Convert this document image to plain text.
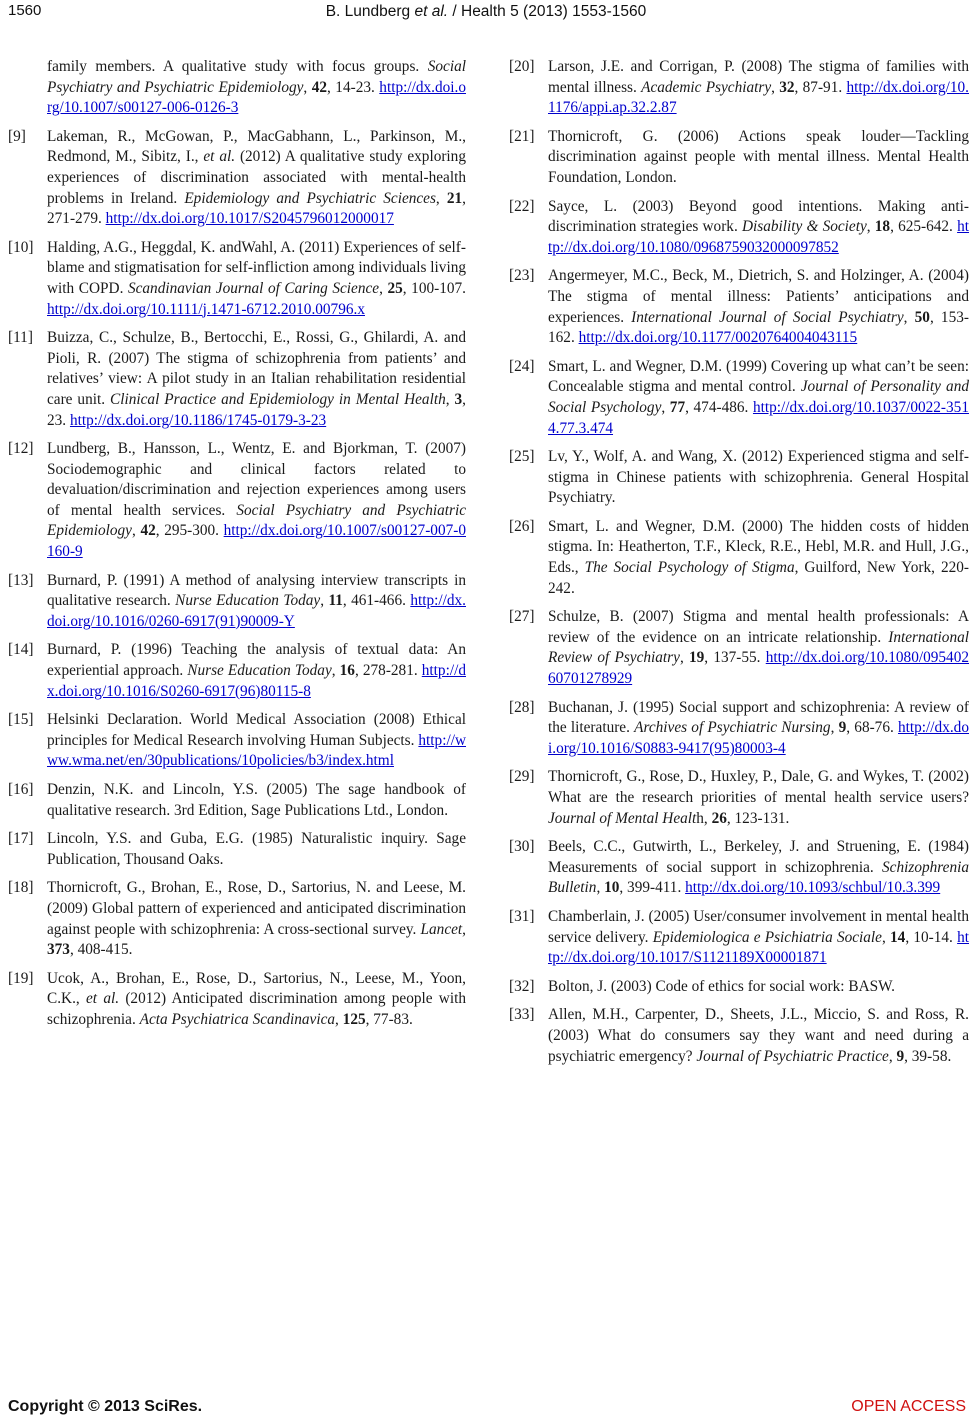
1560	B. Lundberg et al. / Health 5 (2013) 1553-1560
family members. A qualitative study with focus groups. Social Psychiatry and Psychiatric Epidemiology, 42, 14-23. http://dx.doi.org/10.1007/s00127-006-0126-3
[9]	Lakeman, R., McGowan, P., MacGabhann, L., Parkinson, M., Redmond, M., Sibitz, I., et al. (2012) A qualitative study exploring experiences of discrimination associated with mental-health problems in Ireland. Epidemiology and Psychiatric Sciences, 21, 271-279. http://dx.doi.org/10.1017/S2045796012000017
[10] Halding, A.G., Heggdal, K. andWahl, A. (2011) Experiences of self-blame and stigmatisation for self-infliction among individuals living with COPD. Scandinavian Journal of Caring Science, 25, 100-107. http://dx.doi.org/10.1111/j.1471-6712.2010.00796.x
[11] Buizza, C., Schulze, B., Bertocchi, E., Rossi, G., Ghilardi, A. and Pioli, R. (2007) The stigma of schizophrenia from patients’ and relatives’ view: A pilot study in an Italian rehabilitation residential care unit. Clinical Practice and Epidemiology in Mental Health, 3, 23. http://dx.doi.org/10.1186/1745-0179-3-23
[12] Lundberg, B., Hansson, L., Wentz, E. and Bjorkman, T. (2007) Sociodemographic and clinical factors related to devaluation/discrimination and rejection experiences among users of mental health services. Social Psychiatry and Psychiatric Epidemiology, 42, 295-300. http://dx.doi.org/10.1007/s00127-007-0160-9
[13] Burnard, P. (1991) A method of analysing interview transcripts in qualitative research. Nurse Education Today, 11, 461-466. http://dx.doi.org/10.1016/0260-6917(91)90009-Y
[14] Burnard, P. (1996) Teaching the analysis of textual data: An experiential approach. Nurse Education Today, 16, 278-281. http://dx.doi.org/10.1016/S0260-6917(96)80115-8
[15] Helsinki Declaration. World Medical Association (2008) Ethical principles for Medical Research involving Human Subjects. http://www.wma.net/en/30publications/10policies/b3/index.html
[16] Denzin, N.K. and Lincoln, Y.S. (2005) The sage handbook of qualitative research. 3rd Edition, Sage Publications Ltd., London.
[17] Lincoln, Y.S. and Guba, E.G. (1985) Naturalistic inquiry. Sage Publication, Thousand Oaks.
[18] Thornicroft, G., Brohan, E., Rose, D., Sartorius, N. and Leese, M. (2009) Global pattern of experienced and anticipated discrimination against people with schizophrenia: A cross-sectional survey. Lancet, 373, 408-415.
[19] Ucok, A., Brohan, E., Rose, D., Sartorius, N., Leese, M., Yoon, C.K., et al. (2012) Anticipated discrimination among people with schizophrenia. Acta Psychiatrica Scandinavica, 125, 77-83.
[20] Larson, J.E. and Corrigan, P. (2008) The stigma of families with mental illness. Academic Psychiatry, 32, 87-91. http://dx.doi.org/10.1176/appi.ap.32.2.87
[21] Thornicroft, G. (2006) Actions speak louder—Tackling discrimination against people with mental illness. Mental Health Foundation, London.
[22] Sayce, L. (2003) Beyond good intentions. Making anti-discrimination strategies work. Disability & Society, 18, 625-642. http://dx.doi.org/10.1080/0968759032000097852
[23] Angermeyer, M.C., Beck, M., Dietrich, S. and Holzinger, A. (2004) The stigma of mental illness: Patients’ anticipations and experiences. International Journal of Social Psychiatry, 50, 153-162. http://dx.doi.org/10.1177/0020764004043115
[24] Smart, L. and Wegner, D.M. (1999) Covering up what can’t be seen: Concealable stigma and mental control. Journal of Personality and Social Psychology, 77, 474-486. http://dx.doi.org/10.1037/0022-3514.77.3.474
[25] Lv, Y., Wolf, A. and Wang, X. (2012) Experienced stigma and self-stigma in Chinese patients with schizophrenia. General Hospital Psychiatry.
[26] Smart, L. and Wegner, D.M. (2000) The hidden costs of hidden stigma. In: Heatherton, T.F., Kleck, R.E., Hebl, M.R. and Hull, J.G., Eds., The Social Psychology of Stigma, Guilford, New York, 220-242.
[27] Schulze, B. (2007) Stigma and mental health professionals: A review of the evidence on an intricate relationship. International Review of Psychiatry, 19, 137-55. http://dx.doi.org/10.1080/09540260701278929
[28] Buchanan, J. (1995) Social support and schizophrenia: A review of the literature. Archives of Psychiatric Nursing, 9, 68-76. http://dx.doi.org/10.1016/S0883-9417(95)80003-4
[29] Thornicroft, G., Rose, D., Huxley, P., Dale, G. and Wykes, T. (2002) What are the research priorities of mental health service users? Journal of Mental Health, 26, 123-131.
[30] Beels, C.C., Gutwirth, L., Berkeley, J. and Struening, E. (1984) Measurements of social support in schizophrenia. Schizophrenia Bulletin, 10, 399-411. http://dx.doi.org/10.1093/schbul/10.3.399
[31] Chamberlain, J. (2005) User/consumer involvement in mental health service delivery. Epidemiologica e Psichiatria Sociale, 14, 10-14. http://dx.doi.org/10.1017/S1121189X00001871
[32] Bolton, J. (2003) Code of ethics for social work: BASW.
[33] Allen, M.H., Carpenter, D., Sheets, J.L., Miccio, S. and Ross, R. (2003) What do consumers say they want and need during a psychiatric emergency? Journal of Psychiatric Practice, 9, 39-58.
Copyright © 2013 SciRes.	OPEN ACCESS
